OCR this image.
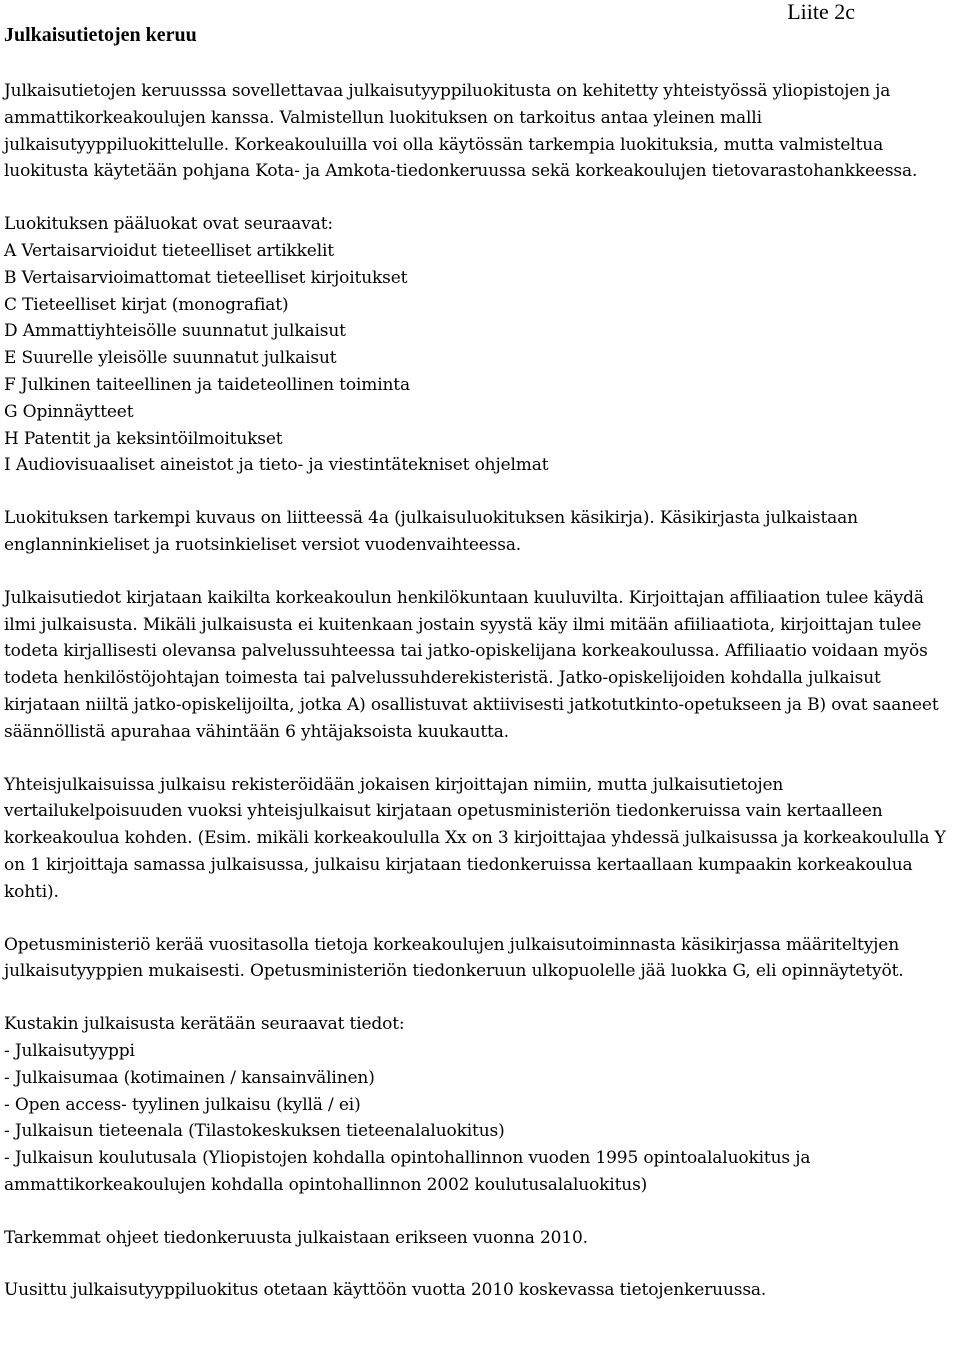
Liite 2c
Julkaisutietojen keruu

Julkaisutietojen keruusssa sovellettavaa julkaisutyyppiluokitusta on kehitetty yhteistyössä yliopistojen ja ammattikorkeakoulujen kanssa. Valmistellun luokituksen on tarkoitus antaa yleinen malli julkaisutyyppiluokittelulle. Korkeakouluilla voi olla käytössän tarkempia luokituksia, mutta valmisteltua luokitusta käytetään pohjana Kota- ja Amkota-tiedonkeruussa sekä korkeakoulujen tietovarastohankkeessa.

Luokituksen pääluokat ovat seuraavat:

A Vertaisarvioidut tieteelliset artikkelit
B Vertaisarvioimattomat tieteelliset kirjoitukset
C Tieteelliset kirjat (monografiat)
D Ammattiyhteisölle suunnatut julkaisut
E Suurelle yleisölle suunnatut julkaisut
F Julkinen taiteellinen ja taideteollinen toiminta
G Opinnäytteet
H Patentit ja keksintöilmoitukset
I Audiovisuaaliset aineistot ja tieto- ja viestintätekniset ohjelmat

Luokituksen tarkempi kuvaus on liitteessä 4a (julkaisuluokituksen käsikirja). Käsikirjasta julkaistaan englanninkieliset ja ruotsinkieliset versiot vuodenvaihteessa.

Julkaisutiedot kirjataan kaikilta korkeakoulun henkilökuntaan kuuluvilta. Kirjoittajan affiliaation tulee käydä ilmi julkaisusta. Mikäli julkaisusta ei kuitenkaan jostain syystä käy ilmi mitään afiiliaatiota, kirjoittajan tulee todeta kirjallisesti olevansa palvelussuhteessa tai jatko-opiskelijana korkeakoulussa. Affiliaatio voidaan myös todeta henkilöstöjohtajan toimesta tai palvelussuhderekisteristä. Jatko-opiskelijoiden kohdalla julkaisut kirjataan niiltä jatko-opiskelijoilta, jotka A) osallistuvat aktiivisesti jatkotutkinto-opetukseen ja B) ovat saaneet säännöllistä apurahaa vähintään 6 yhtäjaksoista kuukautta.

Yhteisjulkaisuissa julkaisu rekisteröidään jokaisen kirjoittajan nimiin, mutta julkaisutietojen vertailukelpoisuuden vuoksi yhteisjulkaisut kirjataan opetusministeriön tiedonkeruissa vain kertaalleen korkeakoulua kohden. (Esim. mikäli korkeakoululla Xx on 3 kirjoittajaa yhdessä julkaisussa ja korkeakoululla Y on 1 kirjoittaja samassa julkaisussa, julkaisu kirjataan tiedonkeruissa kertaallaan kumpaakin korkeakoulua kohti).

Opetusministeriö kerää vuositasolla tietoja korkeakoulujen julkaisutoiminnasta käsikirjassa määriteltyjen julkaisutyyppien mukaisesti. Opetusministeriön tiedonkeruun ulkopuolelle jää luokka G, eli opinnäytetyöt.

Kustakin julkaisusta kerätään seuraavat tiedot:

- Julkaisutyyppi
- Julkaisumaa (kotimainen / kansainvälinen)
- Open access- tyylinen julkaisu (kyllä / ei)
- Julkaisun tieteenala (Tilastokeskuksen tieteenalaluokitus)
- Julkaisun koulutusala (Yliopistojen kohdalla opintohallinnon vuoden 1995 opintoalaluokitus ja ammattikorkeakoulujen kohdalla opintohallinnon 2002 koulutusalaluokitus)

Tarkemmat ohjeet tiedonkeruusta julkaistaan erikseen vuonna 2010.

Uusittu julkaisutyyppiluokitus otetaan käyttöön vuotta 2010 koskevassa tietojenkeruussa.
